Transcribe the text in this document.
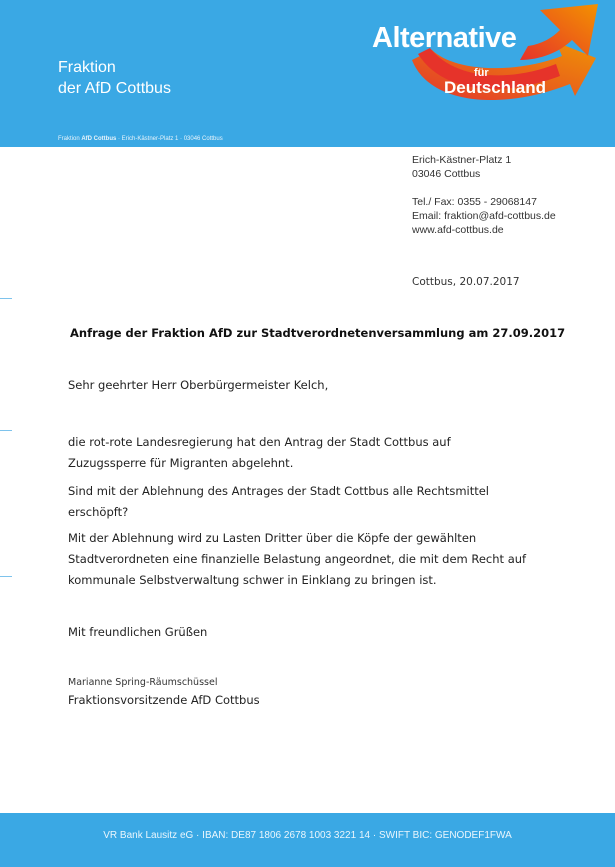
Fraktion
der AfD Cottbus
Fraktion AfD Cottbus · Erich-Kästner-Platz 1 · 03046 Cottbus
Alternative
für
Deutschland
Erich-Kästner-Platz 1
03046 Cottbus
Tel./ Fax: 0355 - 29068147
Email: fraktion@afd-cottbus.de
www.afd-cottbus.de
Cottbus, 20.07.2017
Anfrage der Fraktion AfD zur Stadtverordnetenversammlung am 27.09.2017
Sehr geehrter Herr Oberbürgermeister Kelch,
die rot-rote Landesregierung hat den Antrag der Stadt Cottbus auf
Zuzugssperre für Migranten abgelehnt.
Sind mit der Ablehnung des Antrages der Stadt Cottbus alle Rechtsmittel
erschöpft?
Mit der Ablehnung wird zu Lasten Dritter über die Köpfe der gewählten
Stadtverordneten eine finanzielle Belastung angeordnet, die mit dem Recht auf
kommunale Selbstverwaltung schwer in Einklang zu bringen ist.
Mit freundlichen Grüßen
Marianne Spring-Räumschüssel
Fraktionsvorsitzende AfD Cottbus
VR Bank Lausitz eG · IBAN: DE87 1806 2678 1003 3221 14 · SWIFT BIC: GENODEF1FWA
